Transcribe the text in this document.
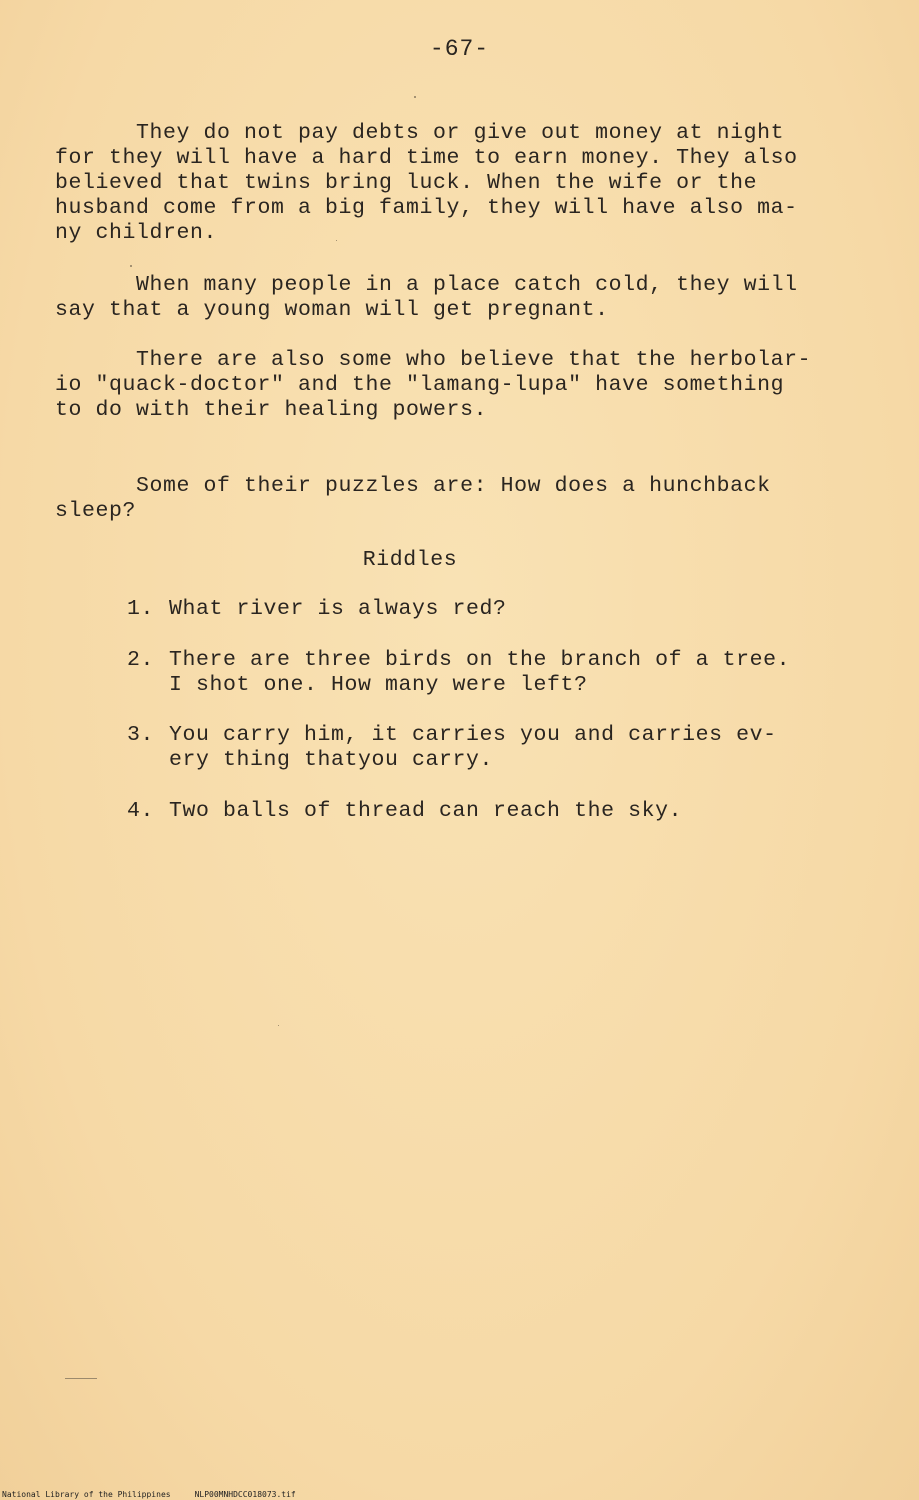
-67-

They do not pay debts or give out money at night
for they will have a hard time to earn money. They also
believed that twins bring luck. When the wife or the
husband come from a big family, they will have also ma-
ny children.

When many people in a place catch cold, they will
say that a young woman will get pregnant.

There are also some who believe that the herbolar-
io "quack-doctor" and the "lamang-lupa" have something
to do with their healing powers.

Some of their puzzles are: How does a hunchback
sleep?

Riddles
1. What river is always red?
2. There are three birds on the branch of a tree.
I shot one. How many were left?
3. You carry him, it carries you and carries ev-
ery thing thatyou carry.
4. Two balls of thread can reach the sky.
National Library of the Philippines	NLP00MNHDCC018073.tif
